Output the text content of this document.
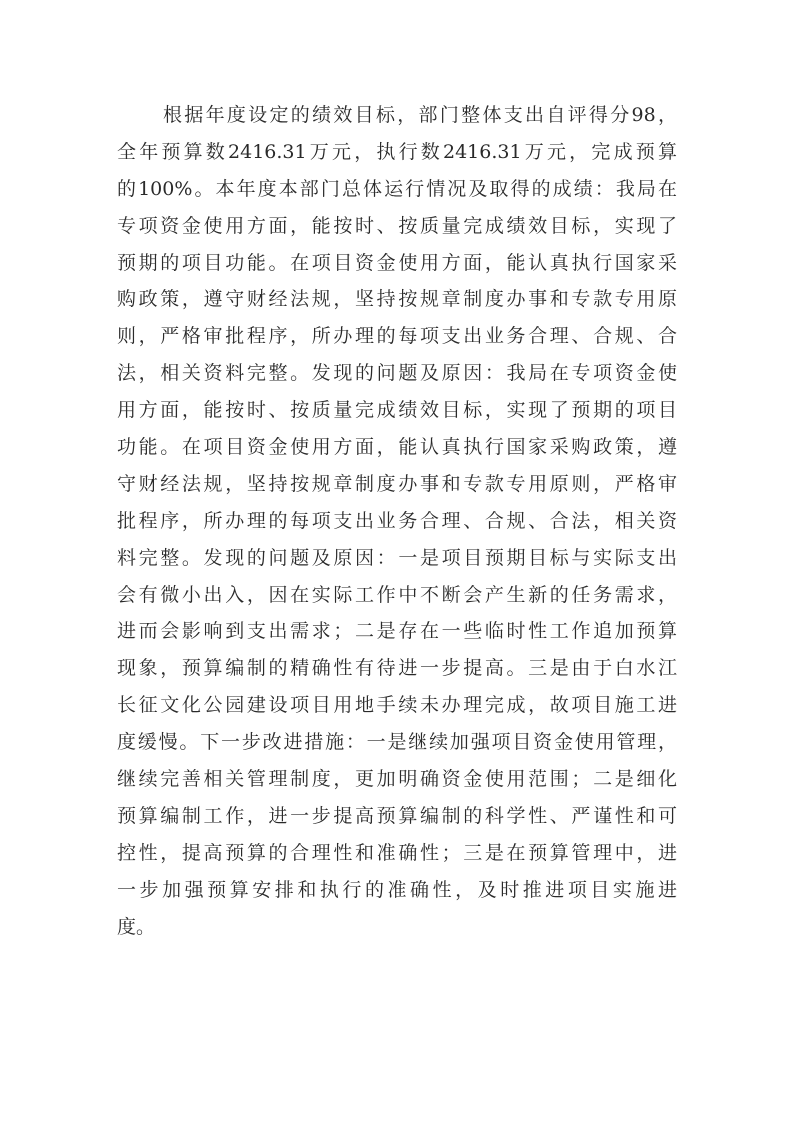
根据年度设定的绩效目标，部门整体支出自评得分98，
全年预算数2416.31万元，执行数2416.31万元，完成预算
的100%。本年度本部门总体运行情况及取得的成绩：我局在
专项资金使用方面，能按时、按质量完成绩效目标，实现了
预期的项目功能。在项目资金使用方面，能认真执行国家采
购政策，遵守财经法规，坚持按规章制度办事和专款专用原
则，严格审批程序，所办理的每项支出业务合理、合规、合
法，相关资料完整。发现的问题及原因：我局在专项资金使
用方面，能按时、按质量完成绩效目标，实现了预期的项目
功能。在项目资金使用方面，能认真执行国家采购政策，遵
守财经法规，坚持按规章制度办事和专款专用原则，严格审
批程序，所办理的每项支出业务合理、合规、合法，相关资
料完整。发现的问题及原因：一是项目预期目标与实际支出
会有微小出入，因在实际工作中不断会产生新的任务需求，
进而会影响到支出需求；二是存在一些临时性工作追加预算
现象，预算编制的精确性有待进一步提高。三是由于白水江
长征文化公园建设项目用地手续未办理完成，故项目施工进
度缓慢。下一步改进措施：一是继续加强项目资金使用管理，
继续完善相关管理制度，更加明确资金使用范围；二是细化
预算编制工作，进一步提高预算编制的科学性、严谨性和可
控性，提高预算的合理性和准确性；三是在预算管理中，进
一步加强预算安排和执行的准确性，及时推进项目实施进
度。
